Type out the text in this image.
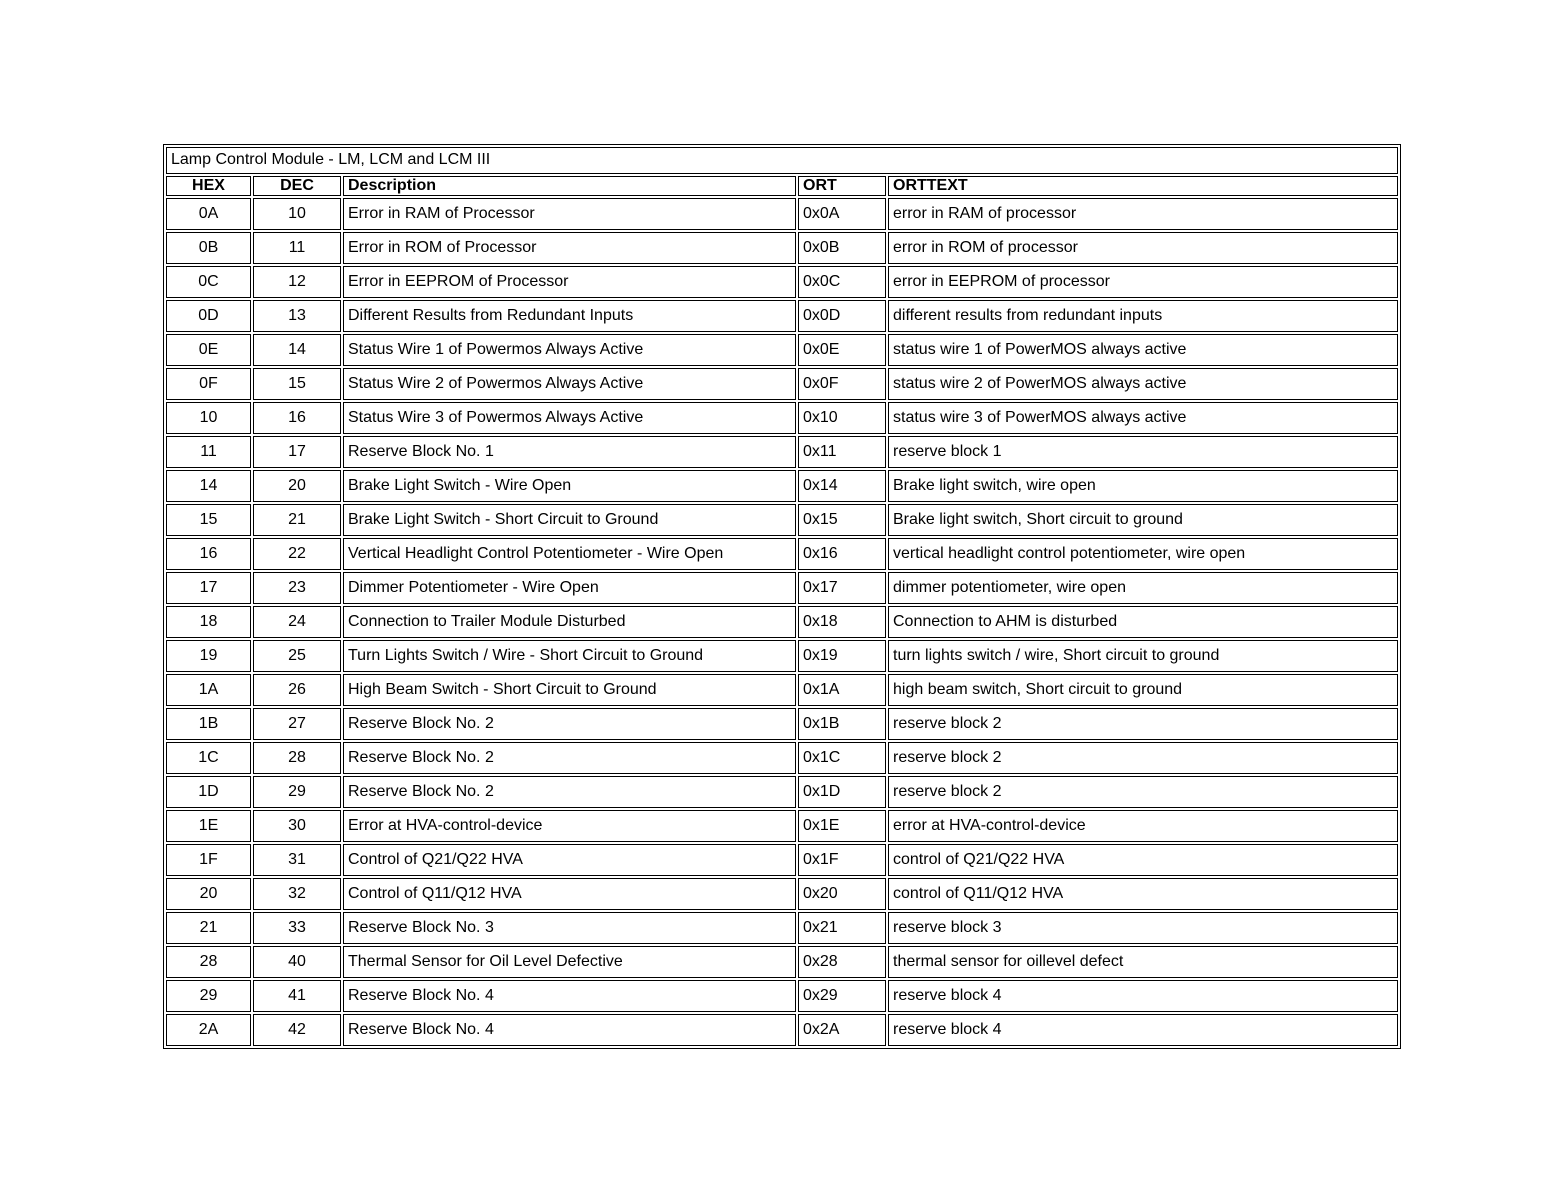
Lamp Control Module - LM, LCM and LCM III				
HEX	DEC	Description	ORT	ORTTEXT
0A	10	Error in RAM of Processor	0x0A	error in RAM of processor
0B	11	Error in ROM of Processor	0x0B	error in ROM of processor
0C	12	Error in EEPROM of Processor	0x0C	error in EEPROM of processor
0D	13	Different Results from Redundant Inputs	0x0D	different results from redundant inputs
0E	14	Status Wire 1 of Powermos Always Active	0x0E	status wire 1 of PowerMOS always active
0F	15	Status Wire 2 of Powermos Always Active	0x0F	status wire 2 of PowerMOS always active
10	16	Status Wire 3 of Powermos Always Active	0x10	status wire 3 of PowerMOS always active
11	17	Reserve Block No. 1	0x11	reserve block 1
14	20	Brake Light Switch - Wire Open	0x14	Brake light switch, wire open
15	21	Brake Light Switch - Short Circuit to Ground	0x15	Brake light switch, Short circuit to ground
16	22	Vertical Headlight Control Potentiometer - Wire Open	0x16	vertical headlight control potentiometer, wire open
17	23	Dimmer Potentiometer - Wire Open	0x17	dimmer potentiometer, wire open
18	24	Connection to Trailer Module Disturbed	0x18	Connection to AHM is disturbed
19	25	Turn Lights Switch / Wire - Short Circuit to Ground	0x19	turn lights switch / wire, Short circuit to ground
1A	26	High Beam Switch - Short Circuit to Ground	0x1A	high beam switch, Short circuit to ground
1B	27	Reserve Block No. 2	0x1B	reserve block 2
1C	28	Reserve Block No. 2	0x1C	reserve block 2
1D	29	Reserve Block No. 2	0x1D	reserve block 2
1E	30	Error at HVA-control-device	0x1E	error at HVA-control-device
1F	31	Control of Q21/Q22 HVA	0x1F	control of Q21/Q22 HVA
20	32	Control of Q11/Q12 HVA	0x20	control of Q11/Q12 HVA
21	33	Reserve Block No. 3	0x21	reserve block 3
28	40	Thermal Sensor for Oil Level Defective	0x28	thermal sensor for oillevel defect
29	41	Reserve Block No. 4	0x29	reserve block 4
2A	42	Reserve Block No. 4	0x2A	reserve block 4
